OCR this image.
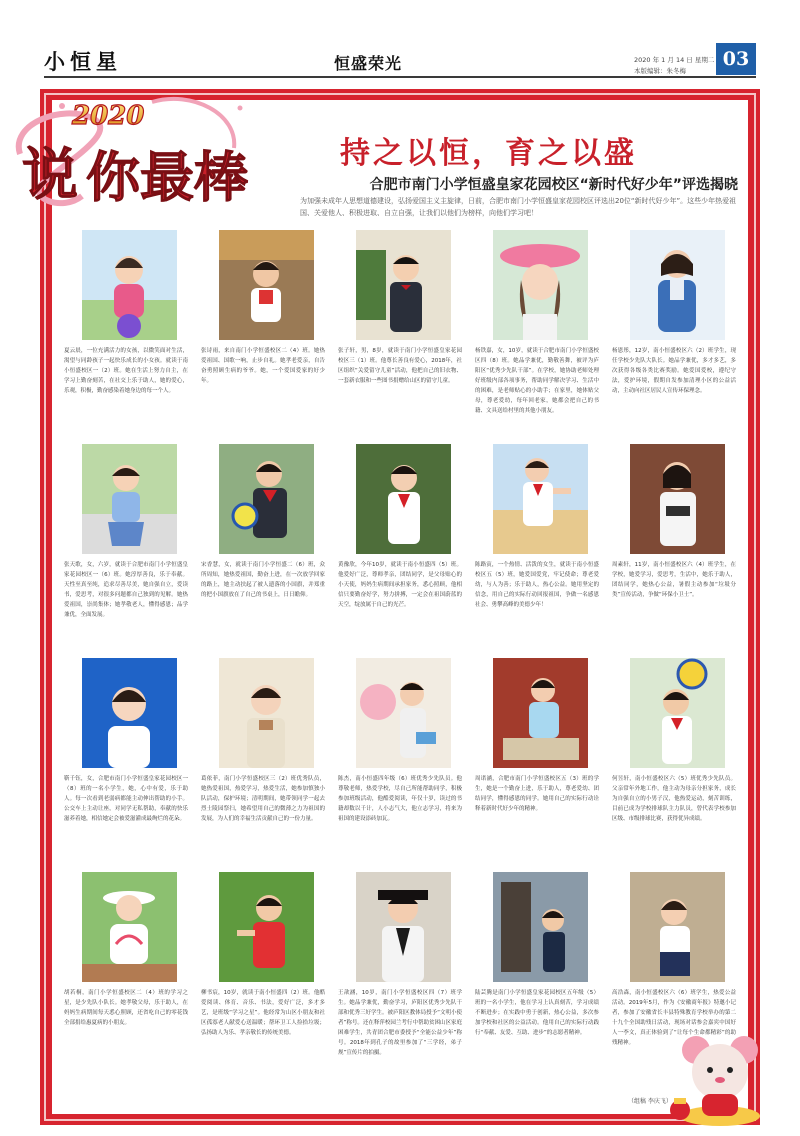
小恒星	恒盛荣光	2020 年 1 月 14 日 星期二
本版编辑：朱冬梅
03
2020
说 你最棒	持之以恒，育之以盛
合肥市南门小学恒盛皇家花园校区“新时代好少年”评选揭晓
为加强未成年人思想道德建设，弘扬爱国主义主旋律，日前，合肥市南门小学恒盛皇家花园校区评选出20位“新时代好少年”。这些少年热爱祖国、关爱他人、积极进取、自立自强，让我们以他们为榜样，向他们学习吧！
夏云晨，一位充满活力的女孩，以微笑面对生活，渴望与同龄孩子一起快乐成长的小女孩。就读于南小恒盛校区一（2）班。她在生活上努力自主，在学习上勤奋刻苦，在社交上乐于助人，她的爱心，乐观，积极，勤奋感染着她身边的每一个人。
张诗雨，来自南门小学恒盛校区二（4）班。她热爱祖国、国歌一响，止步自礼。她孝老爱亲，自告奋勇照顾生病的爷爷。她，一个爱国爱家的好少年。
张子轩，男，8岁，就读于南门小学恒盛皇家花园校区三（1）班。他尊长善良有爱心，2018年，社区组织“关爱留守儿童”活动，他把自己的旧衣物、一套新衣服和一些图书捐赠给山区的留守儿童。
杨铁嘉，女，10岁，就读于合肥市南门小学恒盛校区四（8）班。她品学兼优，勤敬善舞，被评为庐阳区“优秀少先队干部”。在学校，她协助老师处理好班级内部各项事务，帮助同学解决学习、生活中的困难，是老师贴心的小助手；在家里，她体贴父母，尊老爱幼，每年回老家，她都会把自己的书籍、文具送给村里的其他小朋友。
杨恩彤，12岁，南小恒盛校区六（2）班学生，现任学校少先队大队长。她品学兼优，多才多艺，多次获得各级各类比赛奖励。她爱国爱校，遵纪守法，爱护环境，假期自发参加清理小区的公益活动，主动向社区居民人宣传环保理念。
张天歌，女，六岁，就读于合肥市南门小学恒盛皇家花园校区一（6）班。她淳厚善良，乐于奉献。天性至真至纯，追求尽善尽美，她自强自立，爱读书，爱思考，对很多问题都自己独到的见解。她热爱祖国，崇尚集体；她孝敬老人，懂得感恩；品学兼优，全面发展。
宋香慧，女，就读于南门小学恒盛二（6）班，众所周知，她热爱祖国，勤奋上进，在一次放学回家的路上，她主动扶起了被人遗落的小国旗，并郑重的把小国旗放在了自己的书桌上，日日瞻仰。
黄豫欣，今年10岁，就读于南小恒盛四（5）班。他爱好广泛，尊师孝亲，团结同学，是父母贴心的小天使，妈妈生病期间承担家务，悉心照顾，他相信只要勤奋好学，努力拼搏，一定会在祖国蔚蓝的天空，绽放属于自己的光芒。
陈路寅，一个热情、活泼的女生，就读于南小恒盛校区五（5）班，她爱国爱党，牢记使命；尊老爱幼，与人为善；乐于助人，热心公益。她用坚定的信念，用自己的实际行动回报祖国，争做一名感恩社会、勇攀高峰的美德少年！
周素轩，11岁，南小恒盛校区六（4）班学生，在学校，她爱学习，爱思考，生活中，她乐于助人，团结同学，她热心公益，暑假主动参加“垃圾分类”宣传活动，争做“环保小卫士”。
靳千钰，女，合肥市南门小学恒盛皇家花园校区一（8）班的一名小学生，她，心中有爱，乐于助人。每一次看到老弱病都能主动伸出帮助的小手。公交车上主动让座，对同学无私帮助，奉献的快乐滋养着她，相信她定会被爱滋灌成最绚烂的花朵。
葛依菲，南门小学恒盛校区三（2）班优秀队员，她热爱祖国，热爱学习，热爱生活，她参加慎独小队活动，保护环境；清明期间，她带领同学一起去烈士陵园祭扫，她希望用自己的微薄之力为祖国的发展，为人们的幸福生活贡献自己的一份力量。
陈杰，南小恒盛四年级（6）班优秀少先队员。他尊敬老师，热爱学校，尽自己所能帮助同学，积极参加班级活动，他酷爱阅读，年仅十岁，读过的书籍却数以千计，人小志气大，他立志学习，将来为祖国的建设添砖加瓦。
周诺涵，合肥市南门小学恒盛校区五（3）班的学生，她是一个勤奋上进，乐于助人，尊老爱幼、团结同学，懂得感恩的同学。她用自己的实际行动诠释着新时代好少年的精神。
何昱轩，南小恒盛校区六（5）班优秀少先队员。父亲常年外地工作，他主动为母亲分担家务，成长为自强自立的小男子汉，他热爱运动，刻苦训练，目前已成为学校排球队主力队员，曾代表学校参加区级、市级排球比赛，获得优异成绩。
胡若桐，南门小学恒盛校区二（4）班的学习之星，是少先队小队长。她孝敬父母，乐于助人，在妈妈生病期间每天悉心照顾，还省吃自己的零花钱全部捐给惠夏病的小朋友。
柳书宸，10岁，就读于南小恒盛四（2）班。他酷爱阅读、体育、音乐、书法，爱好广泛，多才多艺，是班级“学习之星”。他经常为山区小朋友和社区孤寡老人献爱心送温暖；帮环卫工人捡拾垃圾；弘扬助人为乐、孝亲敬长的传统美德。
王歆涵，10岁，南门小学恒盛校区四（7）班学生。她品学兼优，勤奋学习，庐阳区优秀少先队干部和优秀三好学生。被庐阳区教体局授予“文明小使者”称号。还在释萍校园兰考行中帮助贫困山区家庭困难学生，共青团合肥市委授予“全能公益少年”称号。2018年到孔子的故里参加了“三学经，弟子规”宣传片的拍摄。
陆芸腾是南门小学恒盛皇家花园校区五年级（5）班的一名小学生，他在学习上认真刻苦，学习成绩不断进步；在实践中勇于创新，热心公益，多次参加学校和社区的公益活动。他用自己的实际行动践行“奉献、友爱、互助、进步”的志愿者精神。
高浩森，南小恒盛校区六（6）班学生，热爱公益活动。2019年5月，作为《安徽商年报》特邀小记者，参加了安徽省长丰县特殊教育学校举办的第二十九个全国助残日活动，现场对话参会嘉宾中国好人一李文，真正体验到了“让每个生命都精彩”的助残精神。
（组稿 李庆飞）
